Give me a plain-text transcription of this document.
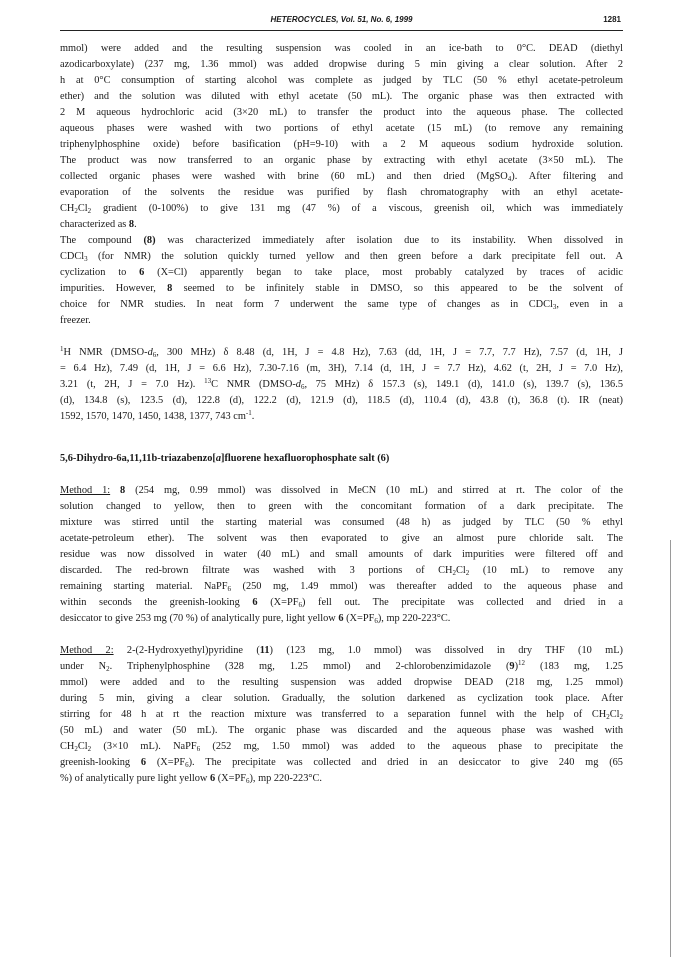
HETEROCYCLES, Vol. 51, No. 6, 1999	1281

mmol) were added and the resulting suspension was cooled in an ice-bath to 0°C. DEAD (diethyl
azodicarboxylate) (237 mg, 1.36 mmol) was added dropwise during 5 min giving a clear solution. After 2
h at 0°C consumption of starting alcohol was complete as judged by TLC (50 % ethyl acetate-petroleum
ether) and the solution was diluted with ethyl acetate (50 mL). The organic phase was then extracted with
2 M aqueous hydrochloric acid (3×20 mL) to transfer the product into the aqueous phase. The collected
aqueous phases were washed with two portions of ethyl acetate (15 mL) (to remove any remaining
triphenylphosphine oxide) before basification (pH=9-10) with a 2 M aqueous sodium hydroxide solution.
The product was now transferred to an organic phase by extracting with ethyl acetate (3×50 mL). The
collected organic phases were washed with brine (60 mL) and then dried (MgSO$_4$). After filtering and
evaporation of the solvents the residue was purified by flash chromatography with an ethyl acetate-
$CH_2Cl_2$ gradient (0-100%) to give 131 mg (47 %) of a viscous, greenish oil, which was immediately
characterized as 8.

The compound (8) was characterized immediately after isolation due to its instability. When dissolved in
CDCl$_3$ (for NMR) the solution quickly turned yellow and then green before a dark precipitate fell out. A
cyclization to 6 (X=Cl) apparently began to take place, most probably catalyzed by traces of acidic
impurities. However, 8 seemed to be infinitely stable in DMSO, so this appeared to be the solvent of
choice for NMR studies. In neat form 7 underwent the same type of changes as in CDCl$_3$, even in a
freezer.

$^1$H NMR ($DMSO-d_6$, 300 MHz) δ 8.48 (d, 1H, J = 4.8 Hz), 7.63 (dd, 1H, J = 7.7, 7.7 Hz), 7.57 (d, 1H, J
= 6.4 Hz), 7.49 (d, 1H, J = 6.6 Hz), 7.30-7.16 (m, 3H), 7.14 (d, 1H, J = 7.7 Hz), 4.62 (t, 2H, J = 7.0 Hz),
3.21 (t, 2H, J = 7.0 Hz). $^{13}$C NMR ($DMSO-d_6$, 75 MHz) δ 157.3 (s), 149.1 (d), 141.0 (s), 139.7 (s), 136.5
(d), 134.8 (s), 123.5 (d), 122.8 (d), 122.2 (d), 121.9 (d), 118.5 (d), 110.4 (d), 43.8 (t), 36.8 (t). IR (neat)
1592, 1570, 1470, 1450, 1438, 1377, 743 $cm^{-1}$.

5,6-Dihydro-6a,11,11b-triazabenzo[a]fluorene hexafluorophosphate salt (6)

Method 1: 8 (254 mg, 0.99 mmol) was dissolved in MeCN (10 mL) and stirred at rt. The color of the
solution changed to yellow, then to green with the concomitant formation of a dark precipitate. The
mixture was stirred until the starting material was consumed (48 h) as judged by TLC (50 % ethyl
acetate-petroleum ether). The solvent was then evaporated to give an almost pure chloride salt. The
residue was now dissolved in water (40 mL) and small amounts of dark impurities were filtered off and
discarded. The red-brown filtrate was washed with 3 portions of $CH_2Cl_2$ (10 mL) to remove any
remaining starting material. NaPF$_6$ (250 mg, 1.49 mmol) was thereafter added to the aqueous phase and
within seconds the greenish-looking 6 $(X=PF_6)$ fell out. The precipitate was collected and dried in a
desiccator to give 253 mg (70 %) of analytically pure, light yellow 6 $(X=PF_6)$, mp 220-223°C.

Method 2: 2-(2-Hydroxyethyl)pyridine (11) (123 mg, 1.0 mmol) was dissolved in dry THF (10 mL)
under $N_2$. Triphenylphosphine (328 mg, 1.25 mmol) and 2-chlorobenzimidazole $(9)^{12}$ (183 mg, 1.25
mmol) were added and to the resulting suspension was added dropwise DEAD (218 mg, 1.25 mmol)
during 5 min, giving a clear solution. Gradually, the solution darkened as cyclization took place. After
stirring for 48 h at rt the reaction mixture was transferred to a separation funnel with the help of $CH_2Cl_2$
(50 mL) and water (50 mL). The organic phase was discarded and the aqueous phase was washed with
$CH_2Cl_2$ (3×10 mL). NaPF$_6$ (252 mg, 1.50 mmol) was added to the aqueous phase to precipitate the
greenish-looking 6 $(X=PF_6)$. The precipitate was collected and dried in an desiccator to give 240 mg (65
%) of analytically pure light yellow 6 $(X=PF_6)$, mp 220-223°C.
